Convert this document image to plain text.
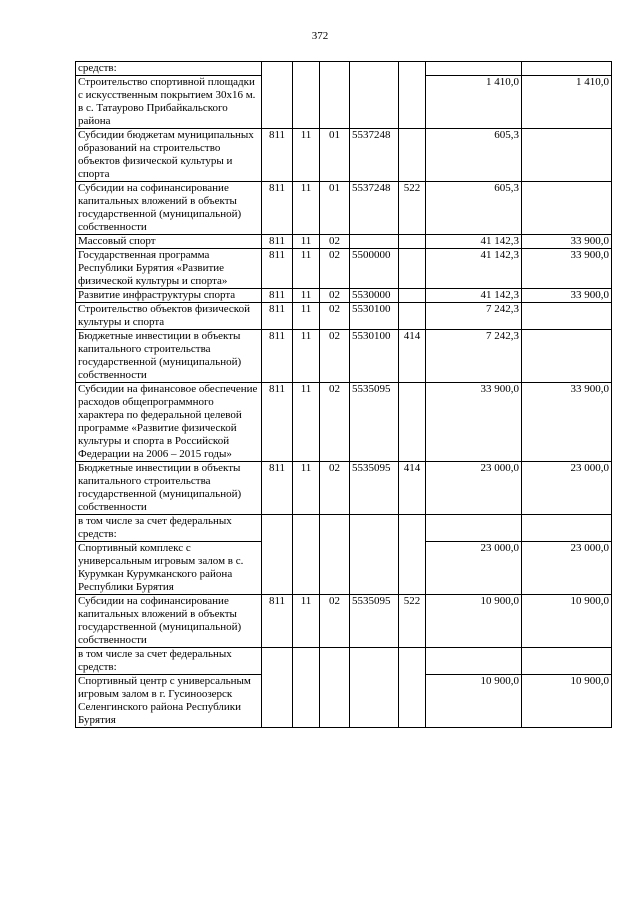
372
средств:							
Строительство спортивной площадки с искусственным покрытием 30х16 м. в с. Татаурово Прибайкальского района						1 410,0	1 410,0
Субсидии бюджетам муниципальных образований на строительство объектов физической культуры и спорта	811	11	01	5537248		605,3	
Субсидии на софинансирование капитальных вложений в объекты государственной (муниципальной) собственности	811	11	01	5537248	522	605,3	
Массовый спорт	811	11	02			41 142,3	33 900,0
Государственная программа Республики Бурятия «Развитие физической культуры и спорта»	811	11	02	5500000		41 142,3	33 900,0
Развитие инфраструктуры спорта	811	11	02	5530000		41 142,3	33 900,0
Строительство объектов физической культуры и спорта	811	11	02	5530100		7 242,3	
Бюджетные инвестиции в объекты капитального строительства государственной (муниципальной) собственности	811	11	02	5530100	414	7 242,3	
Субсидии на финансовое обеспечение расходов общепрограммного характера по федеральной целевой программе «Развитие физической культуры и спорта в Российской Федерации на 2006 – 2015 годы»	811	11	02	5535095		33 900,0	33 900,0
Бюджетные инвестиции в объекты капитального строительства государственной (муниципальной) собственности	811	11	02	5535095	414	23 000,0	23 000,0
в том числе за счет федеральных средств:							
Спортивный комплекс с универсальным игровым залом в с. Курумкан Курумканского района Республики Бурятия						23 000,0	23 000,0
Субсидии на софинансирование капитальных вложений в объекты государственной (муниципальной) собственности	811	11	02	5535095	522	10 900,0	10 900,0
в том числе за счет федеральных средств:							
Спортивный центр с универсальным игровым залом в г. Гусиноозерск Селенгинского района Республики Бурятия						10 900,0	10 900,0
